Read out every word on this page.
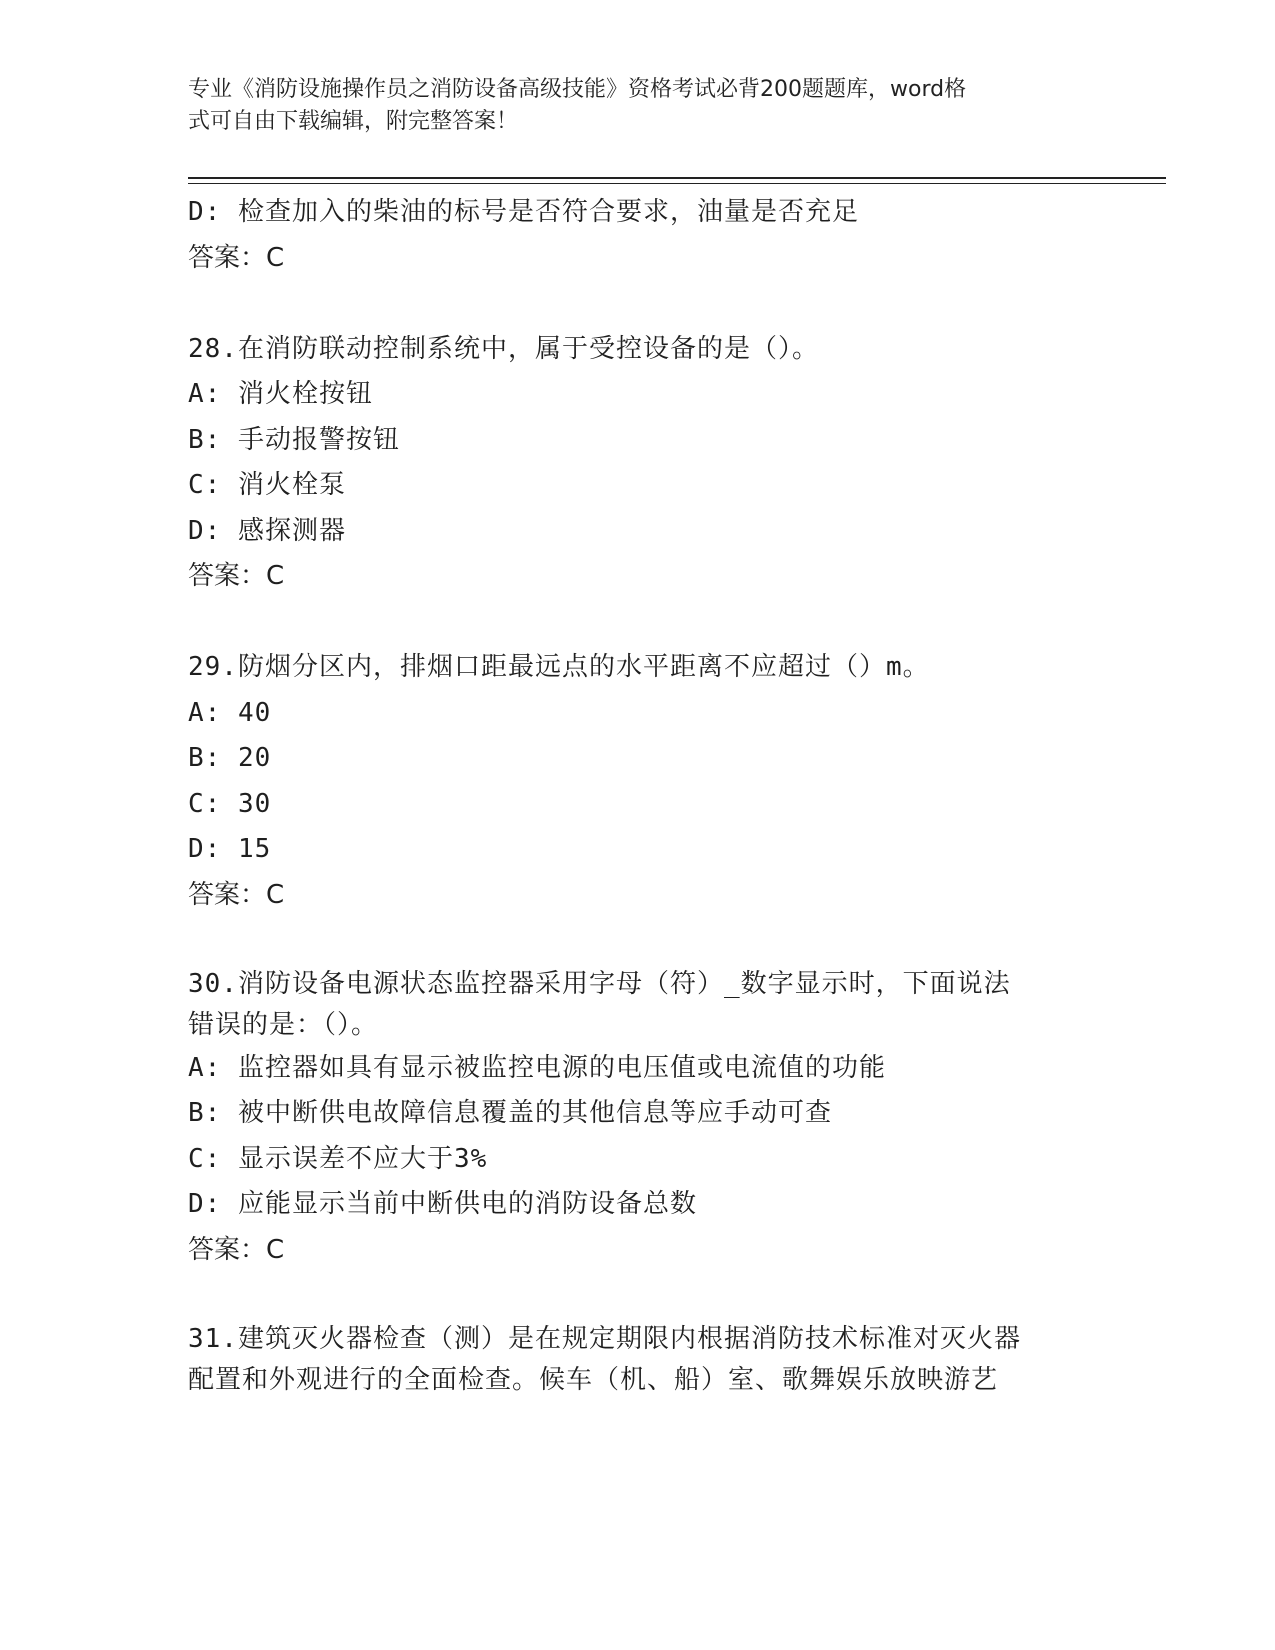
专业《消防设施操作员之消防设备高级技能》资格考试必背200题题库，word格
式可自由下载编辑，附完整答案！
D: 检查加入的柴油的标号是否符合要求，油量是否充足
答案：C
28.在消防联动控制系统中，属于受控设备的是（）。
A: 消火栓按钮
B: 手动报警按钮
C: 消火栓泵
D: 感探测器
答案：C
29.防烟分区内，排烟口距最远点的水平距离不应超过（）m。
A: 40
B: 20
C: 30
D: 15
答案：C
30.消防设备电源状态监控器采用字母（符）_数字显示时，下面说法
错误的是：（）。
A: 监控器如具有显示被监控电源的电压值或电流值的功能
B: 被中断供电故障信息覆盖的其他信息等应手动可查
C: 显示误差不应大于3%
D: 应能显示当前中断供电的消防设备总数
答案：C
31.建筑灭火器检查（测）是在规定期限内根据消防技术标准对灭火器
配置和外观进行的全面检查。候车（机、船）室、歌舞娱乐放映游艺
